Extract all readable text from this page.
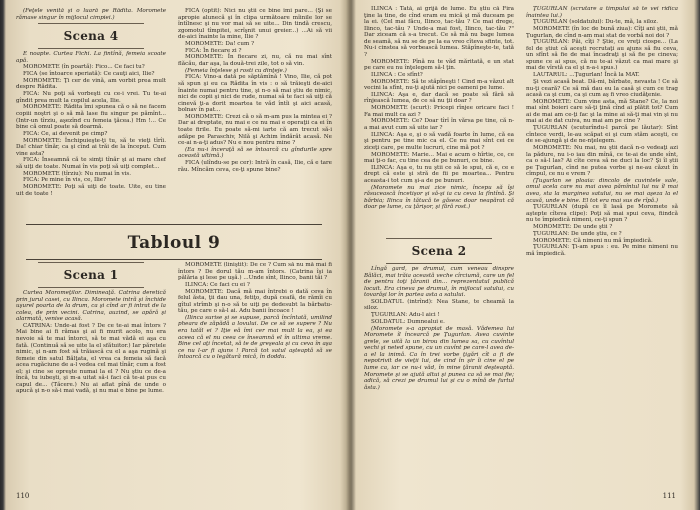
(Feţele venită şi o luară pe Rădita. Moromete rămase singur în mijlocul cimpiei.)

Scena 4

E noapte. Curtea Fichi. La fintînă, femeia scoate apă.

MOROMETE (în poartă): Fico... Ce faci tu?

FICA (se întoarce speriată): Ce cauţi aici, Ilie?

MOROMETE: Ţi cer de vină, am vorbit prea mult despre Rădita.

FICA: Nu poţi să vorbeşti cu ce-i vrei. Tu te-ai gîndit prea mult la copilul acela, Ilie.

MOROMETE: Rădita îmi spunea că o să ne facem copiii noştri şi o să mă lase fiu singur pe pămînt... (Intr-un tîrziu, aşezînd cu femeia ţăcea.) Hm !... Ce bine că omul poate să doarmă.

FICA: Ce, ai devenit pe cimp?

MOROMETE: Închipuieşte-ţi tu, să te vieţi tîrîi. Da! chiar tînăr, ca şi cînd ai trăi de la început. Cum vine asta?

FICA: Înseamnă că te simţi tînăr şi ai mare chef să uiţi de toate. Numai în vis poţi să uiţi complet...

MOROMETE (tîrziu): Nu numai în vis.

FICA: Pe mine în vis, ce, Ilie?

MOROMETE: Poţi să uiţi de toate. Uite, eu tine uit de toate !

FICA (optit): Nici nu ştii ce bine îmi pare... (Şi se apropie alunecă şi în clipa următoare mîinile lor se întîlnesc şi nu vor mai să se uite... Din tindă crescu, zgomotul tîmpitei, scrîşnit unui greier...) ...Ai să vii de-aici înainte la mine, Ilie ?

MOROMETE: Da! cum ?

FICA: În fiecare zi ?

MOROMETE: În fiecare zi, nu, că nu mai sînt flăcău, dar aşa, la două-trei zile, tot o să vin.

(Femeia înţelese şi rosti cu dinţeje.)

FICA: Vino-a dată pe săptămînă ! Vino, Ilie, că pot să spun şi eu ca Rădita în vis : o să trăieşti de-aici înainte numai pentru tine, şi n-o să mai ştiu de nimic, nici de copii şi nici de rude, numai să te faci să uiţi că cinevă ţi-a dorit moartea te văd întîi şi aici acasă, bolnav în pat...

MOROMETE: Crezi că o să m-am pus la mintea ei ? Dar ai dreptate, nu mai e ce nu mai e operaţii ca ei în toate firile. Eu poate să-mi iarte că am trecut să-i adăpe pe Paraschiv, Nilă şi Achim îndărăt acasă. Ne ce-ai n-a-ţi adus? Nu e nou pentru mine ?

(Ea nu-i înceraţă să se întoarcă cu gîndurile spre această ultimă.)

FICA (ulîndu-se pe cer): Intră în casă, Ilie, că e tare rău. Mîncăm ceva, ce-ţi spune bine?

Tabloul 9
Scena 1

Curtea Moromeţilor. Dimineaţă. Catrina deretică prin jurul casei, cu Ilinca. Moromete intră şi închide uşurel poarta de la drum, ca şi cînd ar fi intrat de la colea, de prin vecini. Catrina, auzind, se apără şi alarmată, venise acasă.

CATRINA: Unde-ai fost ? De ce te-ai mai întors ? Mai bine ai fi rămas şi ai fi murit acolo, nu era nevoie să te mai întorci, să te mai vădă ei aşa cu fată. (Continuă să se uite la el sfătuitor.) Iar păretele nimic, şi n-am fost să trăiască cu el a aşa rugină şi femeie din satul Bălţata, el vrea ca femeia să facă acea rugăciune de a-l vedea cel mai tînăr, cum a fost el; şi cine se opreşte numai la el ? Nu ştiu ce de-a încă, tu iubeşti, şi m-a uitat să-i faci că te-ai pus cu capul de... (Tăcere.) Nu ai aflat pînă de unde o apucă şi n-o să-i mai vadă, şi nu mai e bine pe lume.

MOROMETE (liniştit): De ce ? Cum să nu mă mai fi întors ? De dorul tău m-am întors. (Catrina îşi ia pălăria şi lese pe uşă.) ...Unde sînt, Ilinco, banii tăi ?

ILINCA: Ce faci cu ei ?

MOROMETE: Dacă mă mai întrebi o dată ceva în felul ăsta, ţii dau una, fetiţo, după ceafă, de rămîi cu gîtul strîmb şi n-o să te uiţi pe dedesubt la bărbatu-tău, pe care o să-l ai. Adu banii încoace !

(Ilinca surise şi se supuse, parcă încîntată, umilind pheara de zăpădă a lovului. De ce să se supere ? Nu era tatăl ei ? Iţie eă îmi cer mai mult la ea, şi ea aceea că el nu ceea ce înseamnă el în ultima vreme. Bine cel aţi încetat, să te de greşeala şi cu ceva în aşa ce nu l-ar fi ajuns ! Parcă tot satul aşteaptă să se întoarcă cu o legătură mică, în doddu.

110

ILINCA : Tată, ai grijă de lume. Eu ştiu că Fira ţine la tine, de cînd eram eu mică şi mă duceam pe la ei. (Cel mai făcu, Ilinco, tac-tău ? Ce mai drege, Ilinco, tac-tău ? Unde-a mai fost, Ilinco, tac-tău ?" Dar ziceam că s-a trecut. Ce să mă nu bage lumea de seamă, să nu se de pe la ea vreo cîteva sfinte, tot. Nu-i cinstea să vorbească lumea. Stăpîneşte-te, tată ?

MOROMETE: Pînă nu te văd măritată, e un stat pe care eu nu înţelegem să-l ţin.

ILINCA : Ce sfînt?

MOROMETE: Să te stăpîneşti ! Cind m-a văzut alt vecini la sfînt, nu-ţi ajută nici pe oameni pe lume.

ILINCA: Aşa e, dar dacă se poate să fără să rînjească lumea, de ce să nu ţii doar ?

MOROMETE (scurt): Pricepi rînjee oricare faci ! Fa mai mult ca azi ?

MOROMETE: Ce? Doar tîrî în vărsa pe tine, că n-a mai avut cum să uite iar ?

ILINCA: Aşa e, şi o să vadă foarte în lume, că ea şi pentru pe tine mic ca el. Ce nu mai sînt cei ce ziceţi care, pe multe lucruri, cine mă pot ?

MOROMETE: Marie... Mai e acum o hîrtie, ce, ce mai ţi-o fac, cu tine cea de pe bunuri, ce bine.

ILINCA: Aşa e, tu nu ştii ce să le spui, că e, ce e drept că este şi stră de fii pe moartea... Pentru aceasta-i tot cum şi-a de pe bunuri.

(Moromete nu mai zice nimic, începu să îşi răsucească încetişor şi să-şi ia cu ceva la fîntînă. Şi bărbia; Ilinca în tătucă te găsesc doar neapărat că doar pe lume, cu ţărişor, şi fără rost.)

Scena 2

Lîngă gard, pe drumul, cum veneau dinspre Bălăci, mai trăia această veche cîrciumă, care un fel de pentru toţi ţăranii din... reprezentatul publică locuit. Era cineva pe drumul, în mijlocul satului, cu tovarăşi lor în partea asta a satului.

SOLDATUL (intrînd): Nea Stane, te cheamă la siloz.

ŢUGURLAN: Adu-l aici !

SOLDATUL: Dumnealui e.

(Moromete s-a apropiat de masă. Vădemea lui Moromete îl încearcă pe Ţugurlan. Avea cuvinte grele, se uită la un birou din lumea sa, cu cuvîntul vechi şi neted spune, cu un cuvînt pe care-l avea de-a el la inimă. Ca în trei vorbe ţigări cît a fi de nepotrivit de vieţii lui, de cind în şir îi cine el pe lume ca, iar ce nu-i văd, în mine ţăranii deşteaptă. Moromete şi se ajută altui şi punea ca să se mai fie; adică, să crezi pe drumul lui şi cu o mînă de furtul ăsta.)

ŢUGURLAN (scrutare a timpului să te vei ridica înaintea lui.)

ŢUGURLAN (soldatului): Du-te, mă, la siloz.

MOROMETE (în loc de bună ziua): Cîţi ani ştii, mă Ţugurlan, de cînd n-am mai stat de vorbă noi doi ?

ŢUGURLAN: Păi, cîţi ? Ştie, ce vreţi ciospe... (La fel de ştiut că aceşti recrutaţi au ajuns să fiu ceva, un sfînt să fie de mai încadraţi şi să fie pe cineva; spune ce ai spus, că nu te-ai văzut ca mai mare şi mai de vîrstă ca el şi n-a-i spus.)

LAUTARUL: ...Ţugurlan! Încă la MAT.

Şi vezi acasă beat. Dă-mi, bărbate, nevasta ! Ce să nu-ţi ceară? Ce să mă dau eu la casă şi cum ce trag acasă ca şi cum, ca şi cum aş fi vreo ciudăţenie.

MOROMETE: Cum vine asta, mă Stane? Ce, la noi mai sînt boieri care să-ţi ţină cînd ai plătit tot? Cum ai de mai am ce-ţi fac şi la mine ai să-ţi mai vin şi nu mai ai de dat cuiva, nu mai am pe cine ?

ŢUGURLAN (scuturîndu-l parcă pe lăutar): Sînt cîntece verdi, le-au scăpat ei şi cum stăm aceşti, ce de se-ajungă şi de ne-nţelegem.

MOROMETE: Nu mai, nu ştii dacă n-o vedeaţi azi la pădure, nu i-o iau din mînă, ce te-ai de unde sînt, ca o să-l las? Ai cîte ceva să ne duci la loc? Şi îl ştii pe Ţugurlan, cînd ne putea vorbe şi ne-au căzut în cîmpul, ce nu e vrem ?

(Ţugurlan se ploaia: dincolo de cuvintele sale, omul acela care nu mai avea pămîntul lui nu îl mai avea, sta la marginea satului, nu se mai aşeza la el acasă, unde e bine. El tot era mai sus de rîpă.)

ŢUGURLAN (după ce îl lasă pe Moromete să aştepte cîteva clipe): Poţi să mai spui ceva, fiindcă nu te împiedică nimeni, ce-ţi spun ?

MOROMETE: De unde ştii ?

ŢUGURLAN: De unde ştiu, ce ?

MOROMETE: Că nimeni nu mă împiedică.

ŢUGURLAN: Ţi-am spus : eu. Pe mine nimeni nu mă împiedică.

111
